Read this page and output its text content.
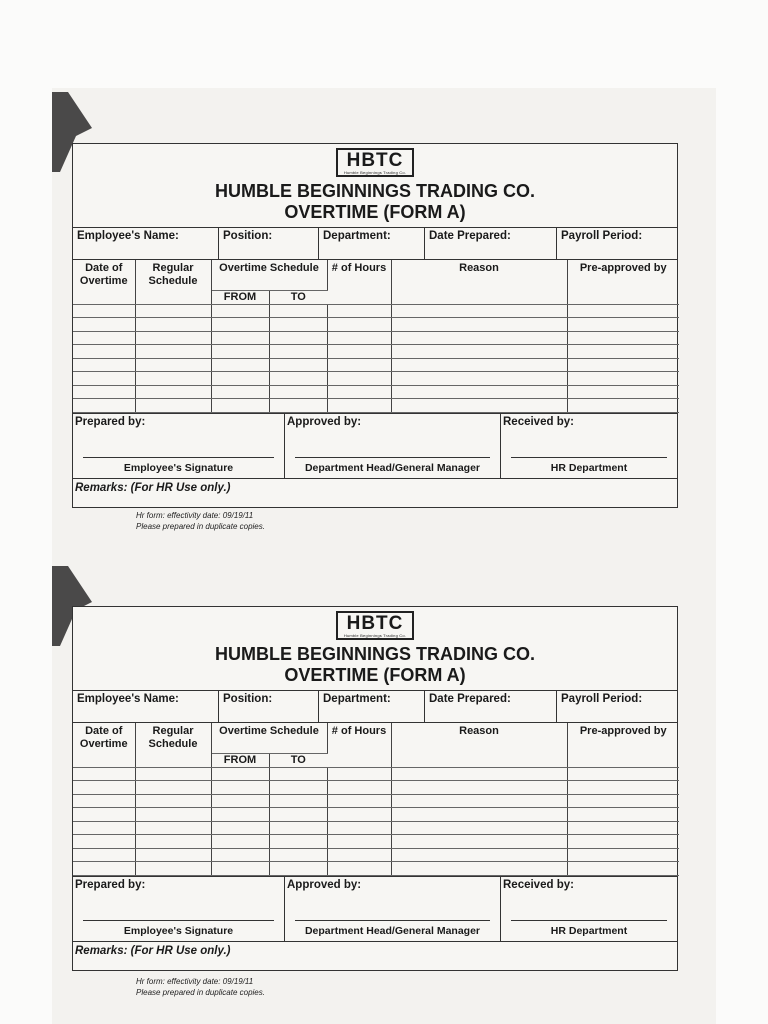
HBTC
Humble Beginnings Trading Co.
HUMBLE BEGINNINGS TRADING CO.
OVERTIME (FORM A)
Employee's Name:	Position:	Department:	Date Prepared:	Payroll Period:
Date of Overtime	Regular Schedule	Overtime Schedule		# of Hours	Reason	Pre-approved by
		FROM	TO			

Prepared by:
Employee's Signature
Approved by:
Department Head/General Manager
Received by:
HR Department
Remarks: (For HR Use only.)
Hr form: effectivity date: 09/19/11
Please prepared in duplicate copies.
HBTC
Humble Beginnings Trading Co.
HUMBLE BEGINNINGS TRADING CO.
OVERTIME (FORM A)
Employee's Name:	Position:	Department:	Date Prepared:	Payroll Period:
Date of Overtime	Regular Schedule	Overtime Schedule		# of Hours	Reason	Pre-approved by
		FROM	TO			

Prepared by:
Employee's Signature
Approved by:
Department Head/General Manager
Received by:
HR Department
Remarks: (For HR Use only.)
Hr form: effectivity date: 09/19/11
Please prepared in duplicate copies.
